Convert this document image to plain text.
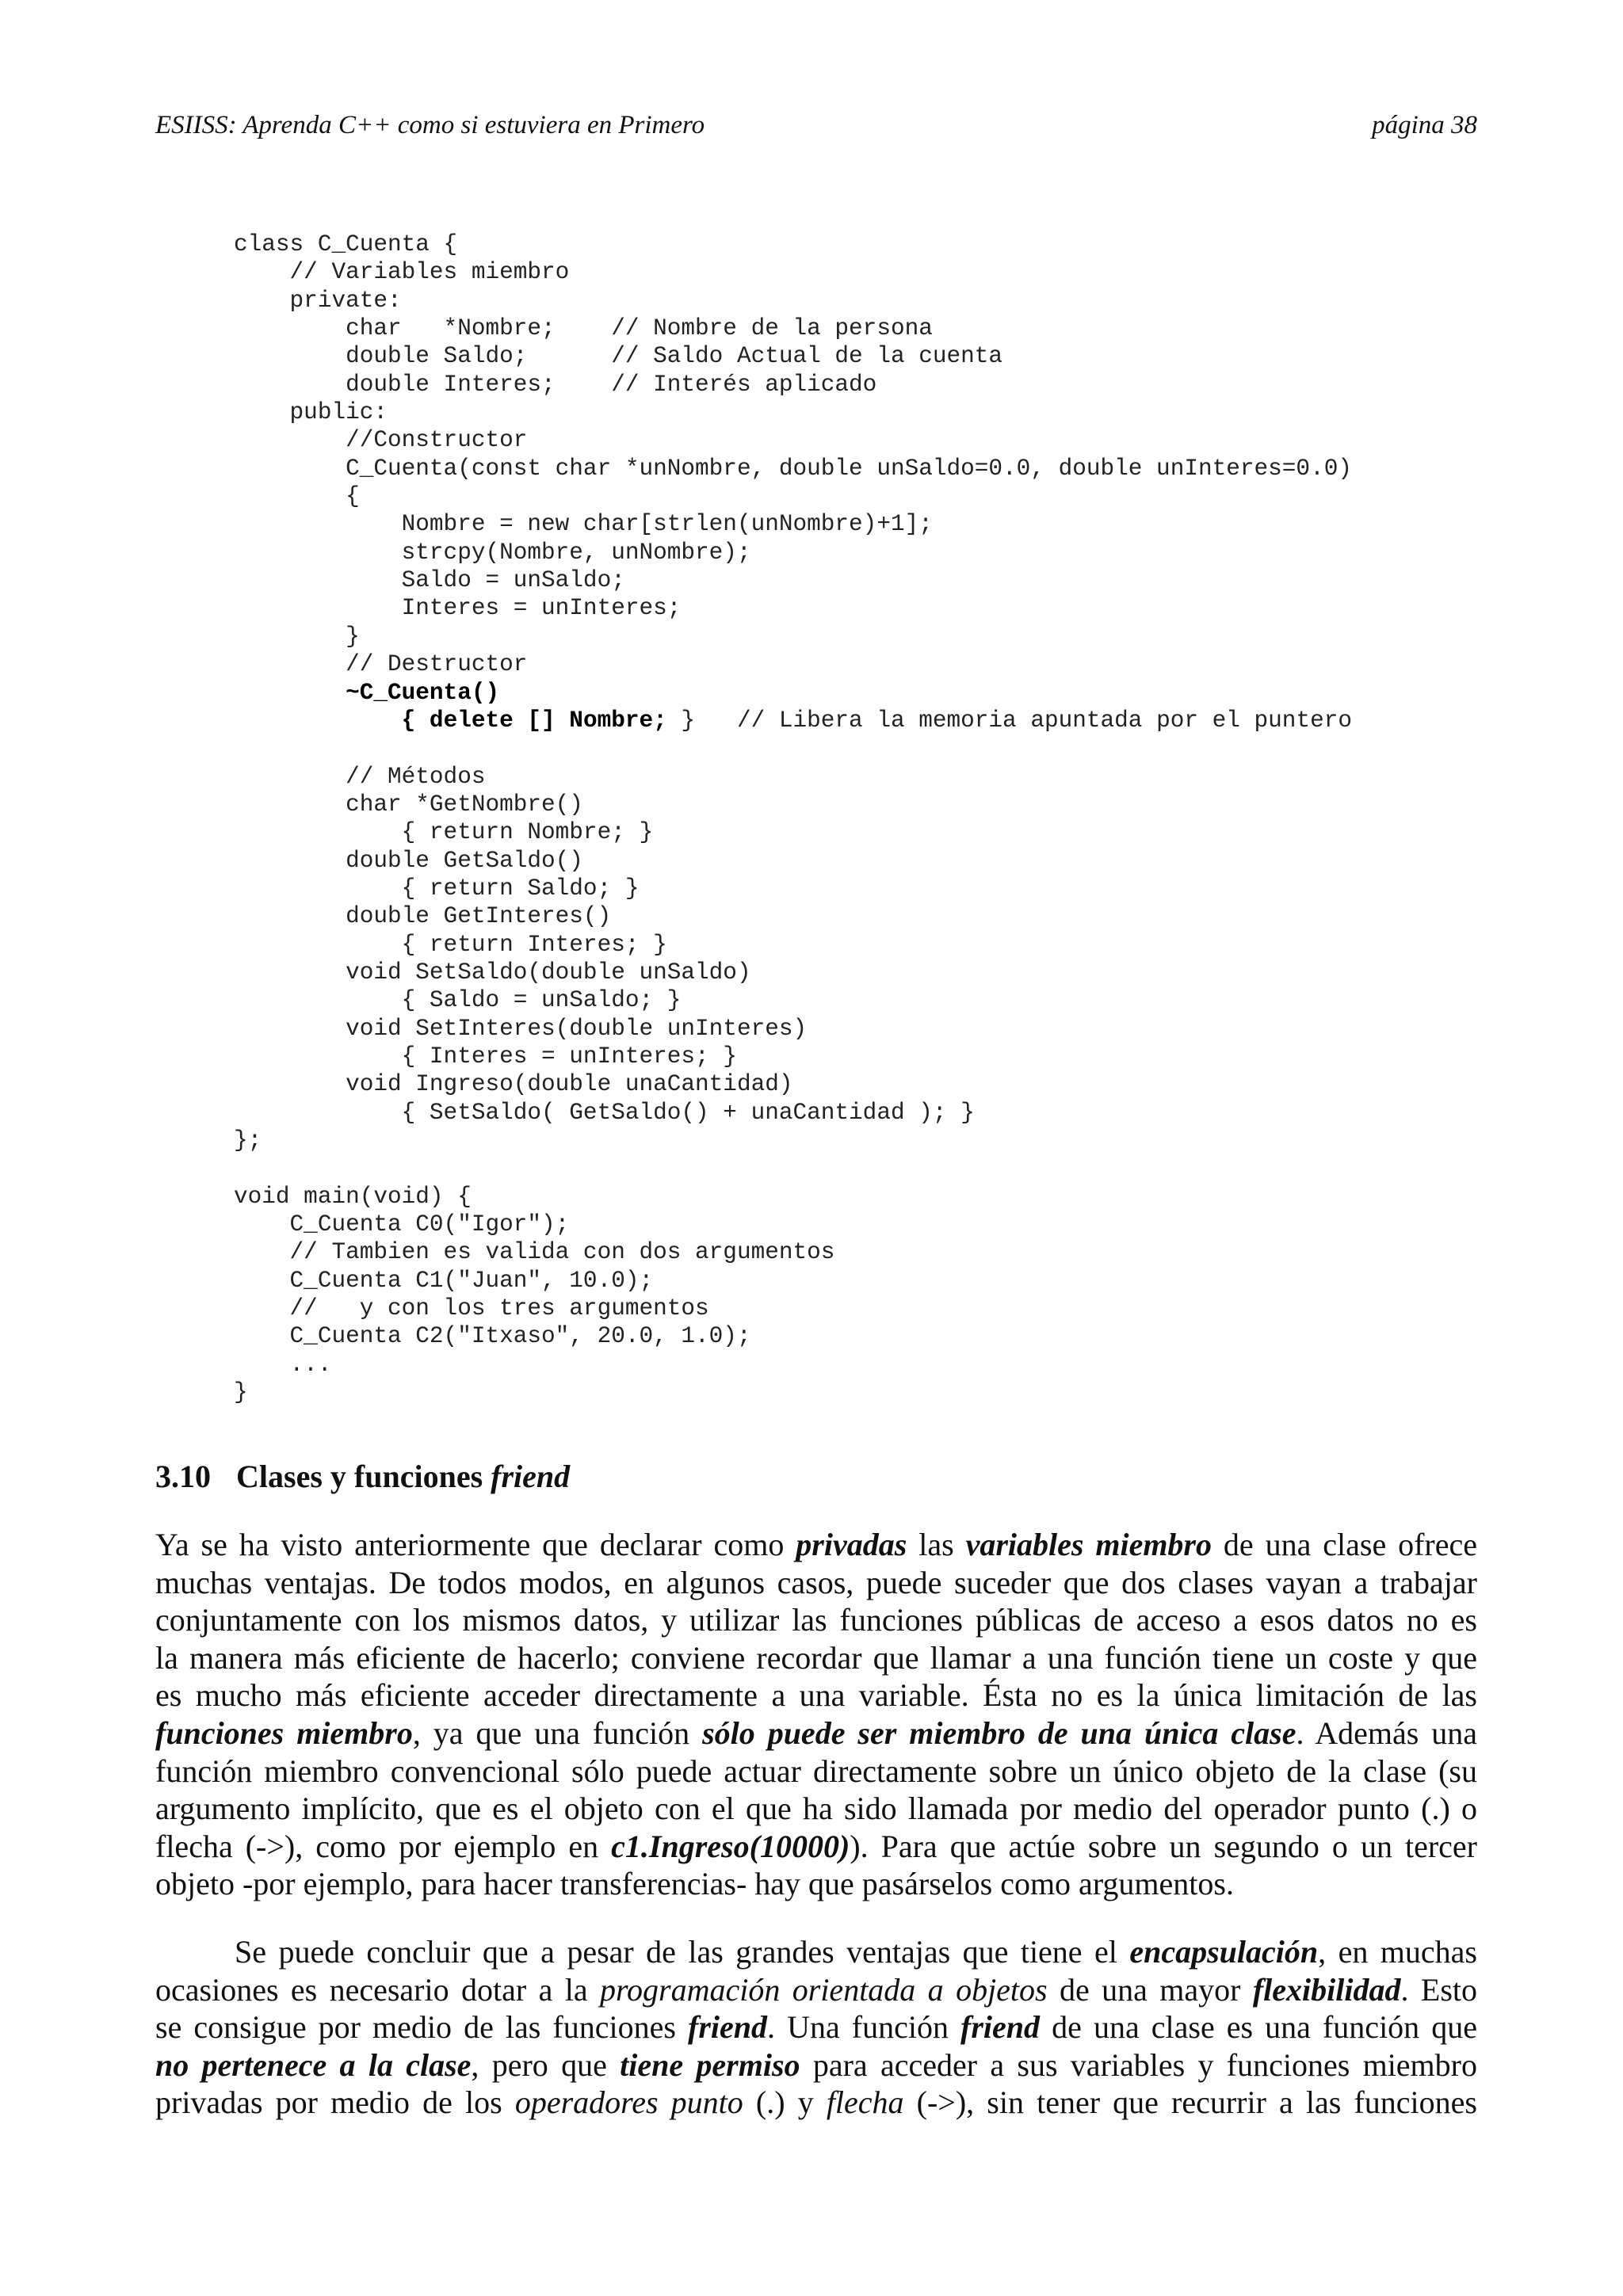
ESIISS: Aprenda C++ como si estuviera en Primero	página 38
class C_Cuenta {
// Variables miembro
private:
char   *Nombre;    // Nombre de la persona
double Saldo;      // Saldo Actual de la cuenta
double Interes;    // Interés aplicado
public:
//Constructor
C_Cuenta(const char *unNombre, double unSaldo=0.0, double unInteres=0.0)
{
Nombre = new char[strlen(unNombre)+1];
strcpy(Nombre, unNombre);
Saldo = unSaldo;
Interes = unInteres;
}
// Destructor
~C_Cuenta()
{ delete [] Nombre; }   // Libera la memoria apuntada por el puntero
// Métodos
char *GetNombre()
{ return Nombre; }
double GetSaldo()
{ return Saldo; }
double GetInteres()
{ return Interes; }
void SetSaldo(double unSaldo)
{ Saldo = unSaldo; }
void SetInteres(double unInteres)
{ Interes = unInteres; }
void Ingreso(double unaCantidad)
{ SetSaldo( GetSaldo() + unaCantidad ); }
};
void main(void) {
C_Cuenta C0("Igor");
// Tambien es valida con dos argumentos
C_Cuenta C1("Juan", 10.0);
//   y con los tres argumentos
C_Cuenta C2("Itxaso", 20.0, 1.0);
...
}
3.10 Clases y funciones friend

Ya se ha visto anteriormente que declarar como privadas las variables miembro de una clase ofrece
muchas ventajas. De todos modos, en algunos casos, puede suceder que dos clases vayan a trabajar
conjuntamente con los mismos datos, y utilizar las funciones públicas de acceso a esos datos no es
la manera más eficiente de hacerlo; conviene recordar que llamar a una función tiene un coste y que
es mucho más eficiente acceder directamente a una variable. Ésta no es la única limitación de las
funciones miembro, ya que una función sólo puede ser miembro de una única clase. Además una
función miembro convencional sólo puede actuar directamente sobre un único objeto de la clase (su
argumento implícito, que es el objeto con el que ha sido llamada por medio del operador punto (.) o
flecha (->), como por ejemplo en c1.Ingreso(10000)). Para que actúe sobre un segundo o un tercer
objeto -por ejemplo, para hacer transferencias- hay que pasárselos como argumentos.

Se puede concluir que a pesar de las grandes ventajas que tiene el encapsulación, en muchas
ocasiones es necesario dotar a la programación orientada a objetos de una mayor flexibilidad. Esto
se consigue por medio de las funciones friend. Una función friend de una clase es una función que
no pertenece a la clase, pero que tiene permiso para acceder a sus variables y funciones miembro
privadas por medio de los operadores punto (.) y flecha (->), sin tener que recurrir a las funciones
